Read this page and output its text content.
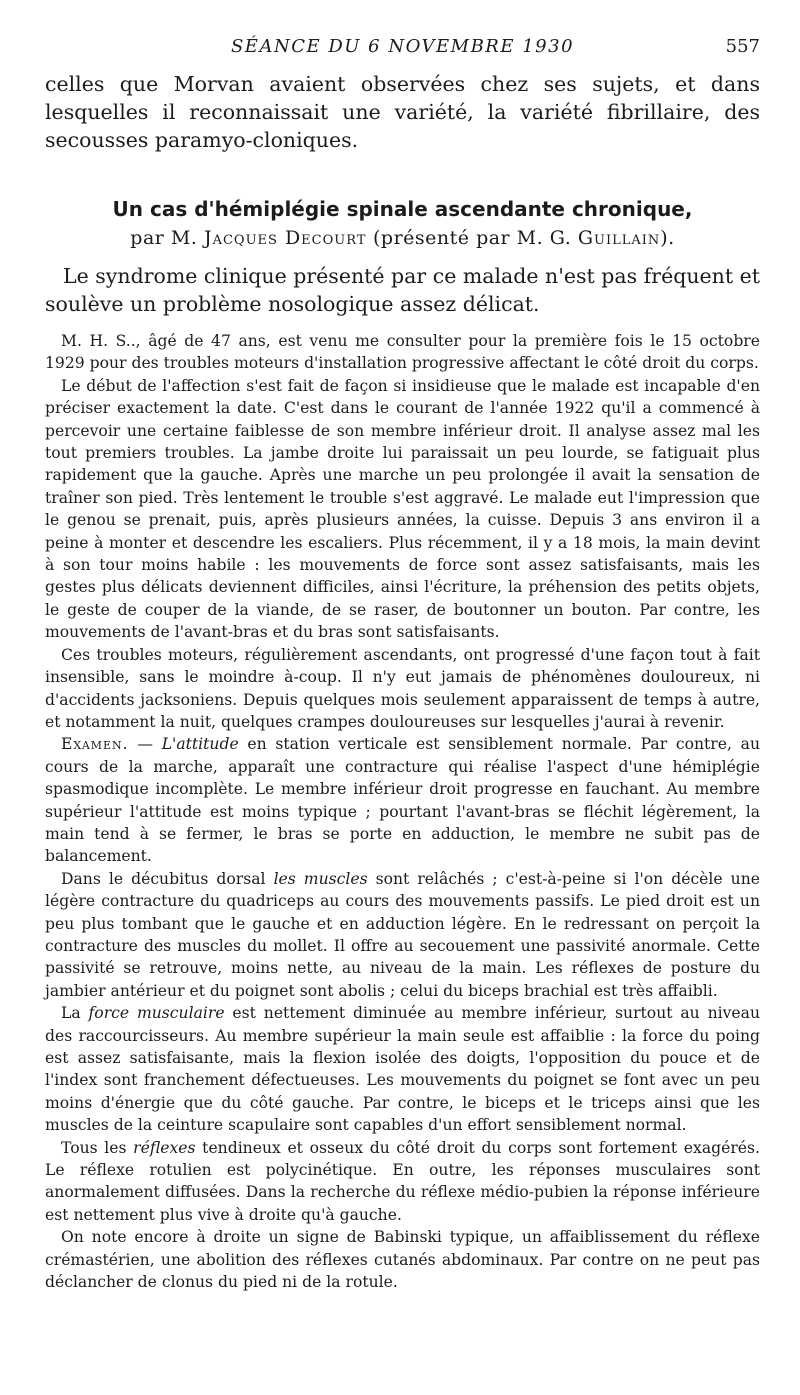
SÉANCE DU 6 NOVEMBRE 1930	557

celles que Morvan avaient observées chez ses sujets, et dans lesquelles il reconnaissait une variété, la variété fibrillaire, des secousses paramyo-cloniques.

Un cas d'hémiplégie spinale ascendante chronique,
par M. Jacques Decourt (présenté par M. G. Guillain).

Le syndrome clinique présenté par ce malade n'est pas fréquent et soulève un problème nosologique assez délicat.

M. H. S.., âgé de 47 ans, est venu me consulter pour la première fois le 15 octobre 1929 pour des troubles moteurs d'installation progressive affectant le côté droit du corps.

Le début de l'affection s'est fait de façon si insidieuse que le malade est incapable d'en préciser exactement la date. C'est dans le courant de l'année 1922 qu'il a commencé à percevoir une certaine faiblesse de son membre inférieur droit. Il analyse assez mal les tout premiers troubles. La jambe droite lui paraissait un peu lourde, se fatiguait plus rapidement que la gauche. Après une marche un peu prolongée il avait la sensation de traîner son pied. Très lentement le trouble s'est aggravé. Le malade eut l'impression que le genou se prenait, puis, après plusieurs années, la cuisse. Depuis 3 ans environ il a peine à monter et descendre les escaliers. Plus récemment, il y a 18 mois, la main devint à son tour moins habile : les mouvements de force sont assez satisfaisants, mais les gestes plus délicats deviennent difficiles, ainsi l'écriture, la préhension des petits objets, le geste de couper de la viande, de se raser, de boutonner un bouton. Par contre, les mouvements de l'avant-bras et du bras sont satisfaisants.

Ces troubles moteurs, régulièrement ascendants, ont progressé d'une façon tout à fait insensible, sans le moindre à-coup. Il n'y eut jamais de phénomènes douloureux, ni d'accidents jacksoniens. Depuis quelques mois seulement apparaissent de temps à autre, et notamment la nuit, quelques crampes douloureuses sur lesquelles j'aurai à revenir.

Examen. — L'attitude en station verticale est sensiblement normale. Par contre, au cours de la marche, apparaît une contracture qui réalise l'aspect d'une hémiplégie spasmodique incomplète. Le membre inférieur droit progresse en fauchant. Au membre supérieur l'attitude est moins typique ; pourtant l'avant-bras se fléchit légèrement, la main tend à se fermer, le bras se porte en adduction, le membre ne subit pas de balancement.

Dans le décubitus dorsal les muscles sont relâchés ; c'est-à-peine si l'on décèle une légère contracture du quadriceps au cours des mouvements passifs. Le pied droit est un peu plus tombant que le gauche et en adduction légère. En le redressant on perçoit la contracture des muscles du mollet. Il offre au secouement une passivité anormale. Cette passivité se retrouve, moins nette, au niveau de la main. Les réflexes de posture du jambier antérieur et du poignet sont abolis ; celui du biceps brachial est très affaibli.

La force musculaire est nettement diminuée au membre inférieur, surtout au niveau des raccourcisseurs. Au membre supérieur la main seule est affaiblie : la force du poing est assez satisfaisante, mais la flexion isolée des doigts, l'opposition du pouce et de l'index sont franchement défectueuses. Les mouvements du poignet se font avec un peu moins d'énergie que du côté gauche. Par contre, le biceps et le triceps ainsi que les muscles de la ceinture scapulaire sont capables d'un effort sensiblement normal.

Tous les réflexes tendineux et osseux du côté droit du corps sont fortement exagérés. Le réflexe rotulien est polycinétique. En outre, les réponses musculaires sont anormalement diffusées. Dans la recherche du réflexe médio-pubien la réponse inférieure est nettement plus vive à droite qu'à gauche.

On note encore à droite un signe de Babinski typique, un affaiblissement du réflexe crémastérien, une abolition des réflexes cutanés abdominaux. Par contre on ne peut pas déclancher de clonus du pied ni de la rotule.
